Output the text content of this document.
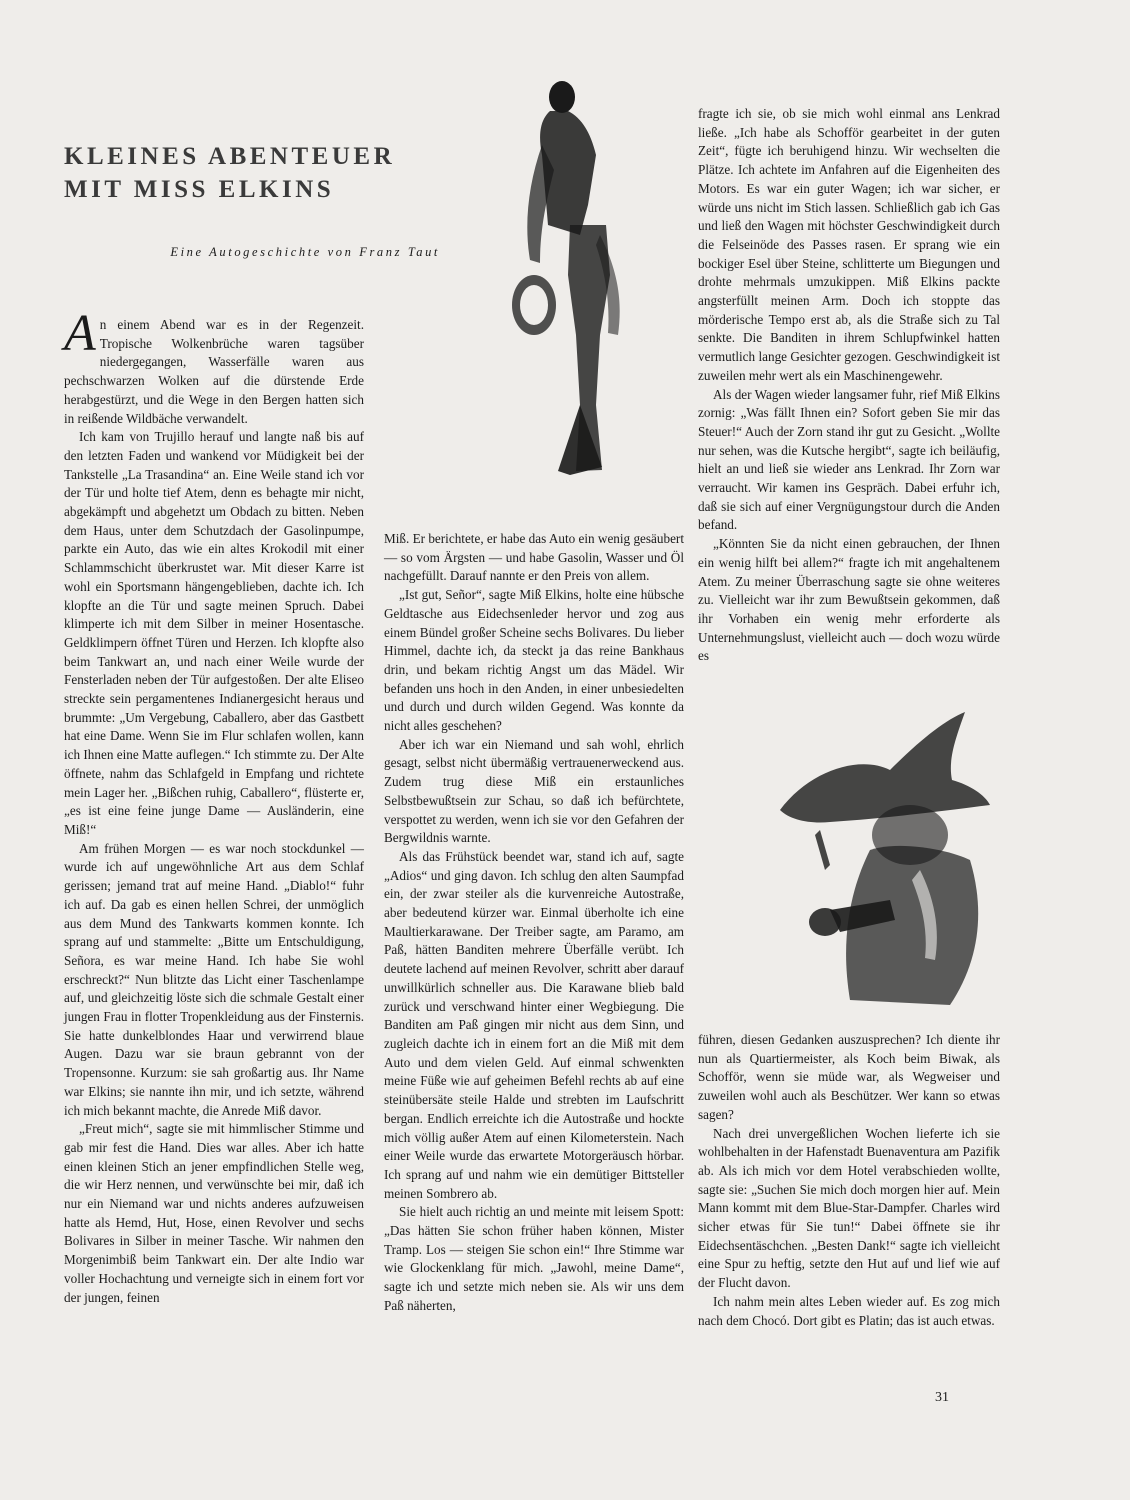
KLEINES ABENTEUER
MIT MISS ELKINS

Eine Autogeschichte von Franz Taut

An einem Abend war es in der Regenzeit. Tropische Wolkenbrüche waren tagsüber niedergegangen, Wasserfälle waren aus pechschwarzen Wolken auf die dürstende Erde herabgestürzt, und die Wege in den Bergen hatten sich in reißende Wildbäche verwandelt.

Ich kam von Trujillo herauf und langte naß bis auf den letzten Faden und wankend vor Müdigkeit bei der Tankstelle „La Trasandina“ an. Eine Weile stand ich vor der Tür und holte tief Atem, denn es behagte mir nicht, abgekämpft und abgehetzt um Obdach zu bitten. Neben dem Haus, unter dem Schutzdach der Gasolinpumpe, parkte ein Auto, das wie ein altes Krokodil mit einer Schlammschicht überkrustet war. Mit dieser Karre ist wohl ein Sportsmann hängengeblieben, dachte ich. Ich klopfte an die Tür und sagte meinen Spruch. Dabei klimperte ich mit dem Silber in meiner Hosentasche. Geldklimpern öffnet Türen und Herzen. Ich klopfte also beim Tankwart an, und nach einer Weile wurde der Fensterladen neben der Tür aufgestoßen. Der alte Eliseo streckte sein pergamentenes Indianergesicht heraus und brummte: „Um Vergebung, Caballero, aber das Gastbett hat eine Dame. Wenn Sie im Flur schlafen wollen, kann ich Ihnen eine Matte auflegen.“ Ich stimmte zu. Der Alte öffnete, nahm das Schlafgeld in Empfang und richtete mein Lager her. „Bißchen ruhig, Caballero“, flüsterte er, „es ist eine feine junge Dame — Ausländerin, eine Miß!“

Am frühen Morgen — es war noch stockdunkel — wurde ich auf ungewöhnliche Art aus dem Schlaf gerissen; jemand trat auf meine Hand. „Diablo!“ fuhr ich auf. Da gab es einen hellen Schrei, der unmöglich aus dem Mund des Tankwarts kommen konnte. Ich sprang auf und stammelte: „Bitte um Entschuldigung, Señora, es war meine Hand. Ich habe Sie wohl erschreckt?“ Nun blitzte das Licht einer Taschenlampe auf, und gleichzeitig löste sich die schmale Gestalt einer jungen Frau in flotter Tropenkleidung aus der Finsternis. Sie hatte dunkelblondes Haar und verwirrend blaue Augen. Dazu war sie braun gebrannt von der Tropensonne. Kurzum: sie sah großartig aus. Ihr Name war Elkins; sie nannte ihn mir, und ich setzte, während ich mich bekannt machte, die Anrede Miß davor.

„Freut mich“, sagte sie mit himmlischer Stimme und gab mir fest die Hand. Dies war alles. Aber ich hatte einen kleinen Stich an jener empfindlichen Stelle weg, die wir Herz nennen, und verwünschte bei mir, daß ich nur ein Niemand war und nichts anderes aufzuweisen hatte als Hemd, Hut, Hose, einen Revolver und sechs Bolivares in Silber in meiner Tasche. Wir nahmen den Morgenimbiß beim Tankwart ein. Der alte Indio war voller Hochachtung und verneigte sich in einem fort vor der jungen, feinen

Miß. Er berichtete, er habe das Auto ein wenig gesäubert — so vom Ärgsten — und habe Gasolin, Wasser und Öl nachgefüllt. Darauf nannte er den Preis von allem.

„Ist gut, Señor“, sagte Miß Elkins, holte eine hübsche Geldtasche aus Eidechsenleder hervor und zog aus einem Bündel großer Scheine sechs Bolivares. Du lieber Himmel, dachte ich, da steckt ja das reine Bankhaus drin, und bekam richtig Angst um das Mädel. Wir befanden uns hoch in den Anden, in einer unbesiedelten und durch und durch wilden Gegend. Was konnte da nicht alles geschehen?

Aber ich war ein Niemand und sah wohl, ehrlich gesagt, selbst nicht übermäßig vertrauenerweckend aus. Zudem trug diese Miß ein erstaunliches Selbstbewußtsein zur Schau, so daß ich befürchtete, verspottet zu werden, wenn ich sie vor den Gefahren der Bergwildnis warnte.

Als das Frühstück beendet war, stand ich auf, sagte „Adios“ und ging davon. Ich schlug den alten Saumpfad ein, der zwar steiler als die kurvenreiche Autostraße, aber bedeutend kürzer war. Einmal überholte ich eine Maultierkarawane. Der Treiber sagte, am Paramo, am Paß, hätten Banditen mehrere Überfälle verübt. Ich deutete lachend auf meinen Revolver, schritt aber darauf unwillkürlich schneller aus. Die Karawane blieb bald zurück und verschwand hinter einer Wegbiegung. Die Banditen am Paß gingen mir nicht aus dem Sinn, und zugleich dachte ich in einem fort an die Miß mit dem Auto und dem vielen Geld. Auf einmal schwenkten meine Füße wie auf geheimen Befehl rechts ab auf eine steinübersäte steile Halde und strebten im Laufschritt bergan. Endlich erreichte ich die Autostraße und hockte mich völlig außer Atem auf einen Kilometerstein. Nach einer Weile wurde das erwartete Motorgeräusch hörbar. Ich sprang auf und nahm wie ein demütiger Bittsteller meinen Sombrero ab.

Sie hielt auch richtig an und meinte mit leisem Spott: „Das hätten Sie schon früher haben können, Mister Tramp. Los — steigen Sie schon ein!“ Ihre Stimme war wie Glockenklang für mich. „Jawohl, meine Dame“, sagte ich und setzte mich neben sie. Als wir uns dem Paß näherten,

fragte ich sie, ob sie mich wohl einmal ans Lenkrad ließe. „Ich habe als Schofför gearbeitet in der guten Zeit“, fügte ich beruhigend hinzu. Wir wechselten die Plätze. Ich achtete im Anfahren auf die Eigenheiten des Motors. Es war ein guter Wagen; ich war sicher, er würde uns nicht im Stich lassen. Schließlich gab ich Gas und ließ den Wagen mit höchster Geschwindigkeit durch die Felseinöde des Passes rasen. Er sprang wie ein bockiger Esel über Steine, schlitterte um Biegungen und drohte mehrmals umzukippen. Miß Elkins packte angsterfüllt meinen Arm. Doch ich stoppte das mörderische Tempo erst ab, als die Straße sich zu Tal senkte. Die Banditen in ihrem Schlupfwinkel hatten vermutlich lange Gesichter gezogen. Geschwindigkeit ist zuweilen mehr wert als ein Maschinengewehr.

Als der Wagen wieder langsamer fuhr, rief Miß Elkins zornig: „Was fällt Ihnen ein? Sofort geben Sie mir das Steuer!“ Auch der Zorn stand ihr gut zu Gesicht. „Wollte nur sehen, was die Kutsche hergibt“, sagte ich beiläufig, hielt an und ließ sie wieder ans Lenkrad. Ihr Zorn war verraucht. Wir kamen ins Gespräch. Dabei erfuhr ich, daß sie sich auf einer Vergnügungstour durch die Anden befand.

„Könnten Sie da nicht einen gebrauchen, der Ihnen ein wenig hilft bei allem?“ fragte ich mit angehaltenem Atem. Zu meiner Überraschung sagte sie ohne weiteres zu. Vielleicht war ihr zum Bewußtsein gekommen, daß ihr Vorhaben ein wenig mehr erforderte als Unternehmungslust, vielleicht auch — doch wozu würde es

führen, diesen Gedanken auszusprechen? Ich diente ihr nun als Quartiermeister, als Koch beim Biwak, als Schofför, wenn sie müde war, als Wegweiser und zuweilen wohl auch als Beschützer. Wer kann so etwas sagen?

Nach drei unvergeßlichen Wochen lieferte ich sie wohlbehalten in der Hafenstadt Buenaventura am Pazifik ab. Als ich mich vor dem Hotel verabschieden wollte, sagte sie: „Suchen Sie mich doch morgen hier auf. Mein Mann kommt mit dem Blue-Star-Dampfer. Charles wird sicher etwas für Sie tun!“ Dabei öffnete sie ihr Eidechsentäschchen. „Besten Dank!“ sagte ich vielleicht eine Spur zu heftig, setzte den Hut auf und lief wie auf der Flucht davon.

Ich nahm mein altes Leben wieder auf. Es zog mich nach dem Chocó. Dort gibt es Platin; das ist auch etwas.

31
